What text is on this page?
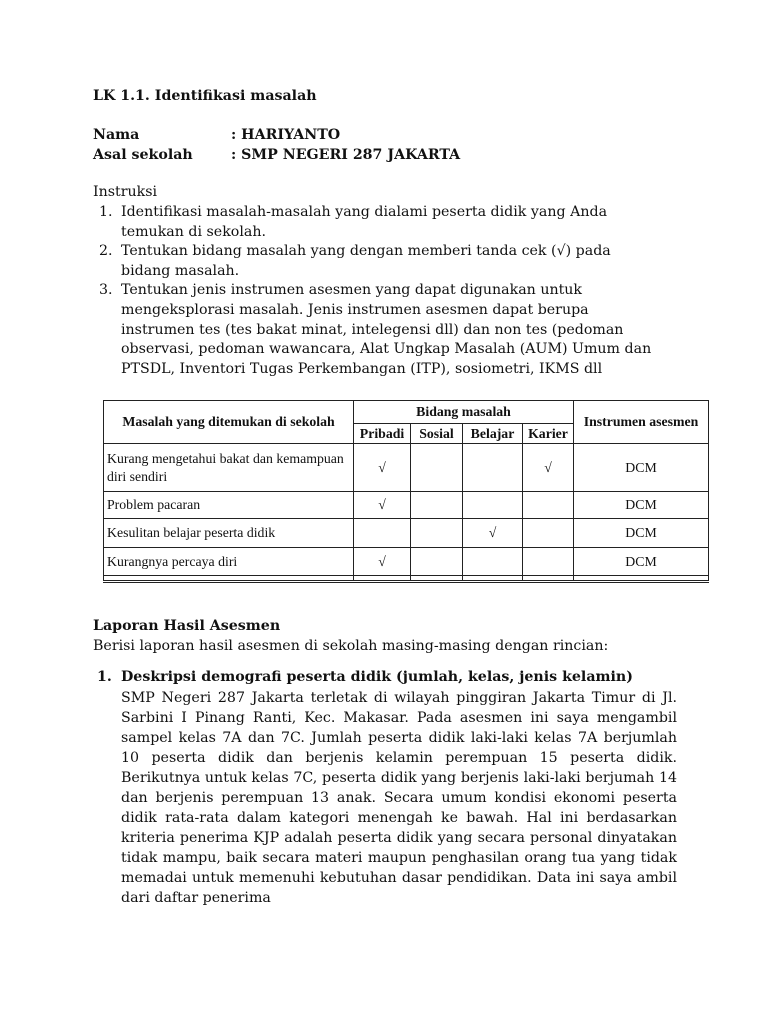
LK 1.1. Identifikasi masalah
Nama	: HARIYANTO
Asal sekolah	: SMP NEGERI 287 JAKARTA
Instruksi
1. Identifikasi masalah-masalah yang dialami peserta didik yang Anda temukan di sekolah.
2. Tentukan bidang masalah yang dengan memberi tanda cek (√) pada bidang masalah.
3. Tentukan jenis instrumen asesmen yang dapat digunakan untuk mengeksplorasi masalah. Jenis instrumen asesmen dapat berupa instrumen tes (tes bakat minat, intelegensi dll) dan non tes (pedoman observasi, pedoman wawancara, Alat Ungkap Masalah (AUM) Umum dan PTSDL, Inventori Tugas Perkembangan (ITP), sosiometri, IKMS dll
Masalah yang ditemukan di sekolah	Bidang masalah				Instrumen asesmen
	Pribadi	Sosial	Belajar	Karier	
Kurang mengetahui bakat dan kemampuan diri sendiri	√			√	DCM
Problem pacaran	√				DCM
Kesulitan belajar peserta didik			√		DCM
Kurangnya percaya diri	√				DCM

Laporan Hasil Asesmen
Berisi laporan hasil asesmen di sekolah masing-masing dengan rincian:
1. Deskripsi demografi peserta didik (jumlah, kelas, jenis kelamin)
SMP Negeri 287 Jakarta terletak di wilayah pinggiran Jakarta Timur di Jl. Sarbini I Pinang Ranti, Kec. Makasar. Pada asesmen ini saya mengambil sampel kelas 7A dan 7C. Jumlah peserta didik laki-laki kelas 7A berjumlah 10 peserta didik dan berjenis kelamin perempuan 15 peserta didik. Berikutnya untuk kelas 7C, peserta didik yang berjenis laki-laki berjumah 14 dan berjenis perempuan 13 anak. Secara umum kondisi ekonomi peserta didik rata-rata dalam kategori menengah ke bawah. Hal ini berdasarkan kriteria penerima KJP adalah peserta didik yang secara personal dinyatakan tidak mampu, baik secara materi maupun penghasilan orang tua yang tidak memadai untuk memenuhi kebutuhan dasar pendidikan. Data ini saya ambil dari daftar penerima
